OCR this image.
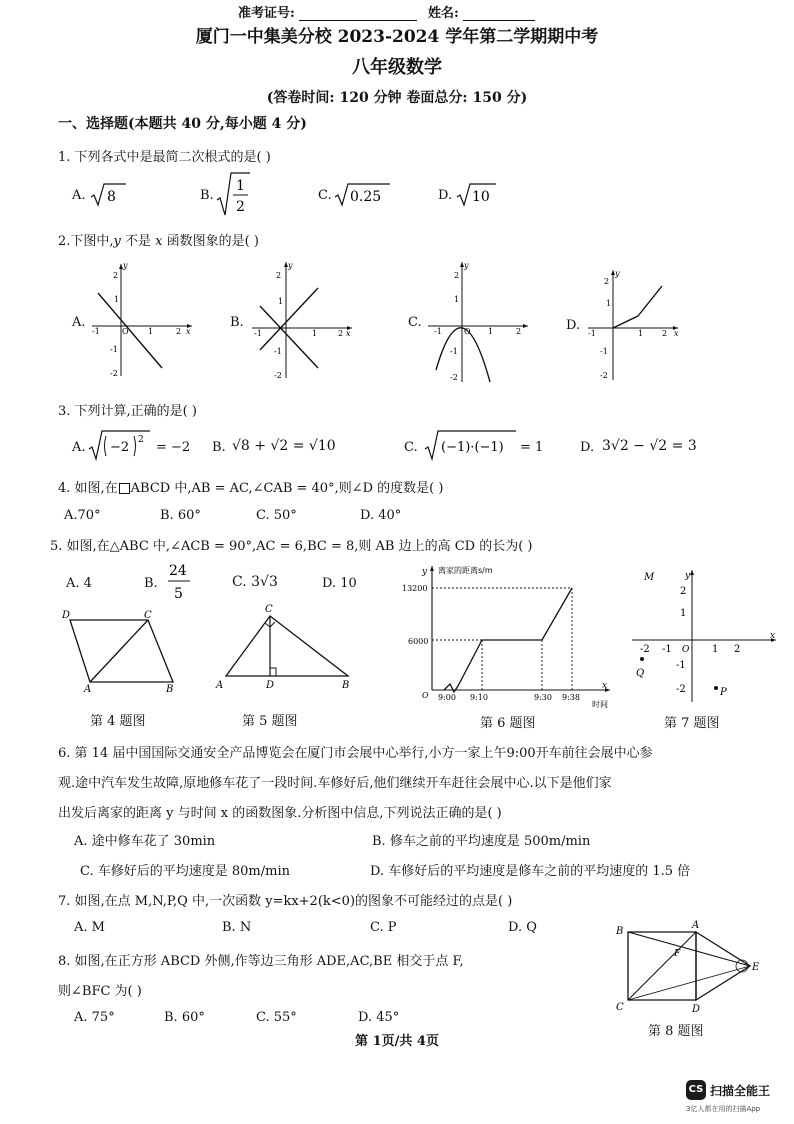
准考证号:	姓名:
厦门一中集美分校 2023-2024 学年第二学期期中考
八年级数学
(答卷时间: 120 分钟 卷面总分: 150 分)
一、选择题(本题共 40 分,每小题 4 分)
1. 下列各式中是最简二次根式的是( )
A. 8	B.
1
2
C. 0.25	D. 10
2.下图中,y 不是 x 函数图象的是( )
A.	B.	C.	D.
2
1
-1
2
1
-1
-2
O	x
y
2
1
-1
2
1
-1
-2
x
y
2
1
-1
2
1
-1
-2
O
y
2
1
-1
2
1
-1
-2
x
y
3. 下列计算,正确的是( )
A. −2 2 = −2 B. √8 + √2 = √10	C. (−1)·(−1) = 1	D. 3√2 − √2 = 3
4. 如图,在 ABCD 中,AB = AC,∠CAB = 40°,则∠D 的度数是( )
A.70°	B. 60°	C. 50°	D. 40°
5. 如图,在△ABC 中,∠ACB = 90°,AC = 6,BC = 8,则 AB 边上的高 CD 的长为( )
A. 4	B.
24
5
C. 3√3	D. 10
D	C
A	B
第 4 题图
C
A	D	B
第 5 题图
y 离家的距离s/m
13200
6000
O 9:00 9:10	9:30 9:38
x
时间
第 6 题图
y
x
O
2
1
-1
-2
-2 -1	1 2
M
Q
P
第 7 题图
6. 第 14 届中国国际交通安全产品博览会在厦门市会展中心举行,小方一家上午9:00开车前往会展中心参
观.途中汽车发生故障,原地修车花了一段时间.车修好后,他们继续开车赶往会展中心.以下是他们家
出发后离家的距离 y 与时间 x 的函数图象.分析图中信息,下列说法正确的是( )
A. 途中修车花了 30min	B. 修车之前的平均速度是 500m/min
C. 车修好后的平均速度是 80m/min	D. 车修好后的平均速度是修车之前的平均速度的 1.5 倍
7. 如图,在点 M,N,P,Q 中,一次函数 y=kx+2(k<0)的图象不可能经过的点是( )
A. M	B. N	C. P	D. Q
8. 如图,在正方形 ABCD 外侧,作等边三角形 ADE,AC,BE 相交于点 F,
则∠BFC 为( )
A. 75°	B. 60°	C. 55°	D. 45°
B
A
F
E
C	D
第 8 题图
第 1页/共 4页
CS 扫描全能王
3亿人都在用的扫描App
